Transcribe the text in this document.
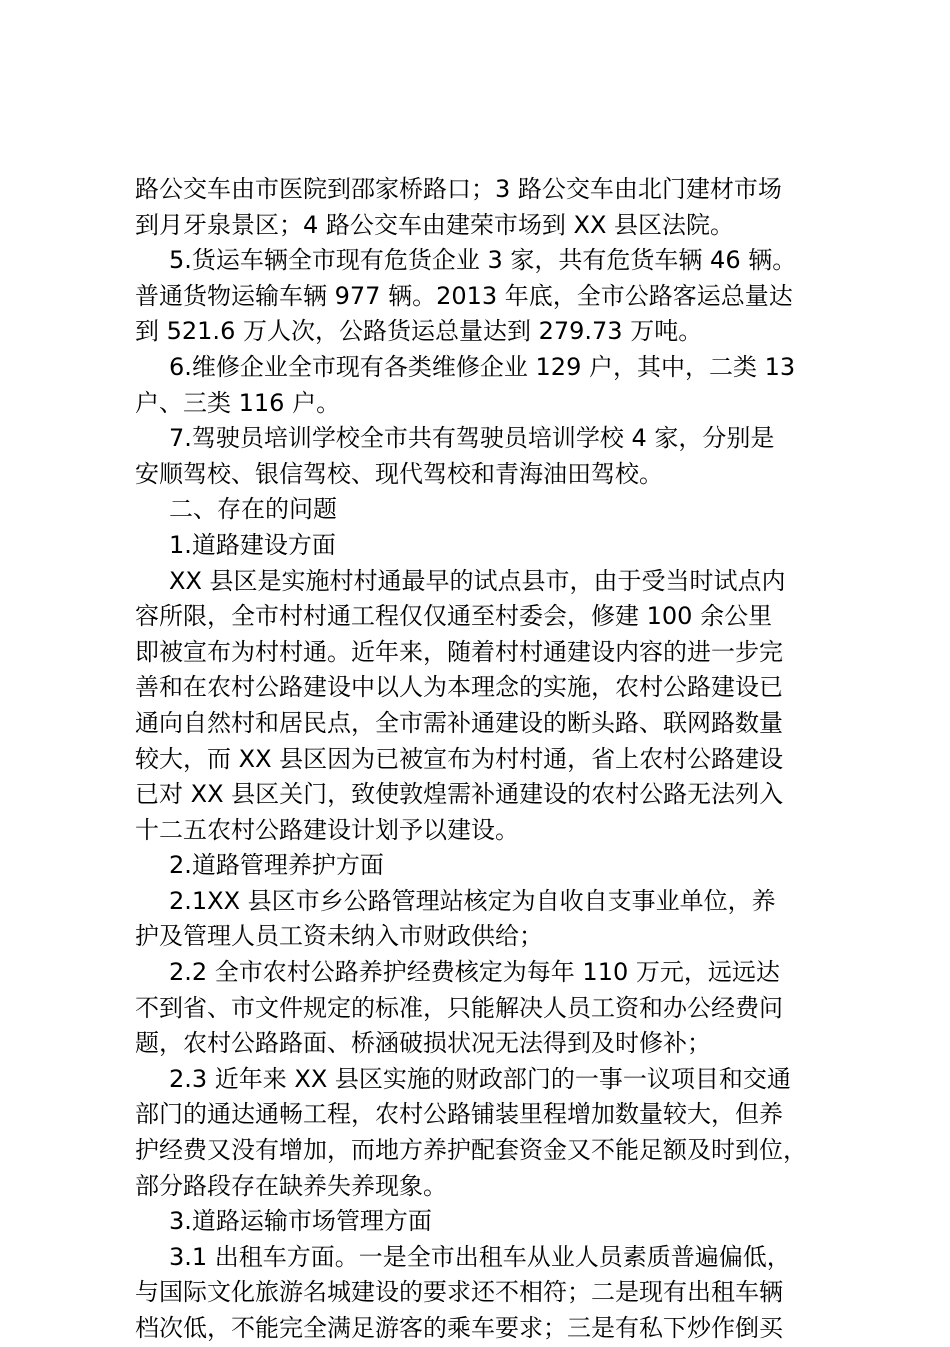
路公交车由市医院到邵家桥路口；3 路公交车由北门建材市场
到月牙泉景区；4 路公交车由建荣市场到 XX 县区法院。
5.货运车辆全市现有危货企业 3 家，共有危货车辆 46 辆。
普通货物运输车辆 977 辆。2013 年底，全市公路客运总量达
到 521.6 万人次，公路货运总量达到 279.73 万吨。
6.维修企业全市现有各类维修企业 129 户，其中，二类 13
户、三类 116 户。
7.驾驶员培训学校全市共有驾驶员培训学校 4 家，分别是
安顺驾校、银信驾校、现代驾校和青海油田驾校。
二、存在的问题
1.道路建设方面
XX 县区是实施村村通最早的试点县市，由于受当时试点内
容所限，全市村村通工程仅仅通至村委会，修建 100 余公里
即被宣布为村村通。近年来，随着村村通建设内容的进一步完
善和在农村公路建设中以人为本理念的实施，农村公路建设已
通向自然村和居民点，全市需补通建设的断头路、联网路数量
较大，而 XX 县区因为已被宣布为村村通，省上农村公路建设
已对 XX 县区关门，致使敦煌需补通建设的农村公路无法列入
十二五农村公路建设计划予以建设。
2.道路管理养护方面
2.1XX 县区市乡公路管理站核定为自收自支事业单位，养
护及管理人员工资未纳入市财政供给；
2.2 全市农村公路养护经费核定为每年 110 万元，远远达
不到省、市文件规定的标准，只能解决人员工资和办公经费问
题，农村公路路面、桥涵破损状况无法得到及时修补；
2.3 近年来 XX 县区实施的财政部门的一事一议项目和交通
部门的通达通畅工程，农村公路铺装里程增加数量较大，但养
护经费又没有增加，而地方养护配套资金又不能足额及时到位，
部分路段存在缺养失养现象。
3.道路运输市场管理方面
3.1 出租车方面。一是全市出租车从业人员素质普遍偏低，
与国际文化旅游名城建设的要求还不相符；二是现有出租车辆
档次低，不能完全满足游客的乘车要求；三是有私下炒作倒买
